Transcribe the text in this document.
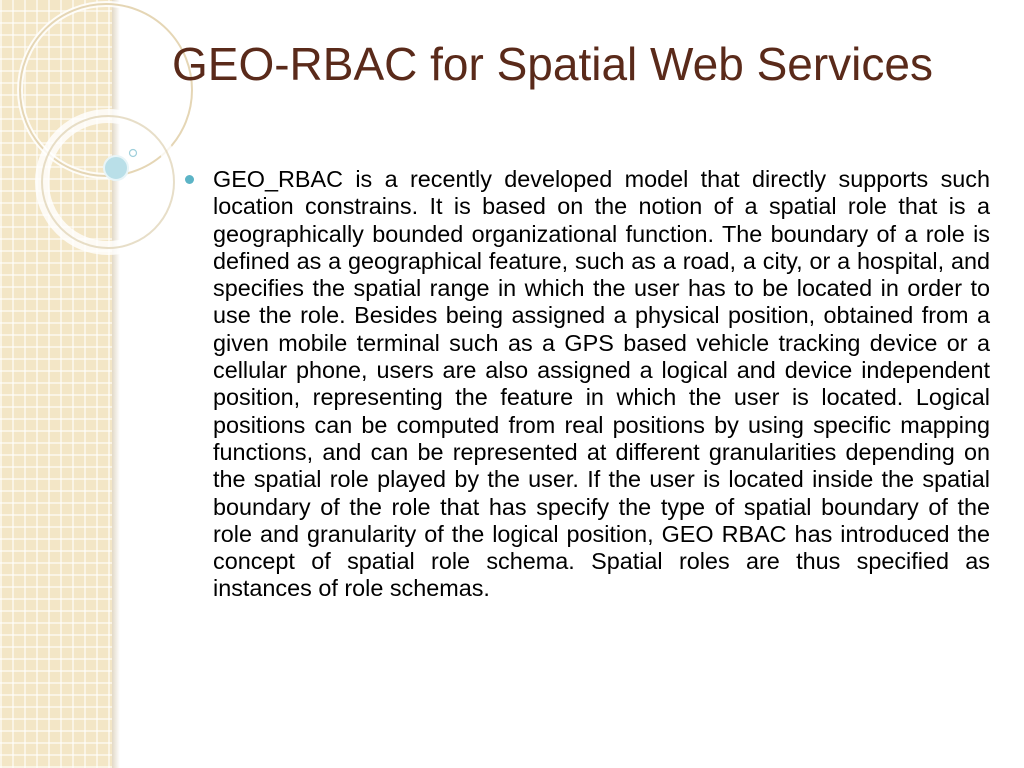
GEO-RBAC for Spatial Web Services

GEO_RBAC is a recently developed model that directly supports such location constrains. It is based on the notion of a spatial role that is a geographically bounded organizational function. The boundary of a role is defined as a geographical feature, such as a road, a city, or a hospital, and specifies the spatial range in which the user has to be located in order to use the role. Besides being assigned a physical position, obtained from a given mobile terminal such as a GPS based vehicle tracking device or a cellular phone, users are also assigned a logical and device independent position, representing the feature in which the user is located. Logical positions can be computed from real positions by using specific mapping functions, and can be represented at different granularities depending on the spatial role played by the user. If the user is located inside the spatial boundary of the role that has specify the type of spatial boundary of the role and granularity of the logical position, GEO RBAC has introduced the concept of spatial role schema. Spatial roles are thus specified as instances of role schemas.
